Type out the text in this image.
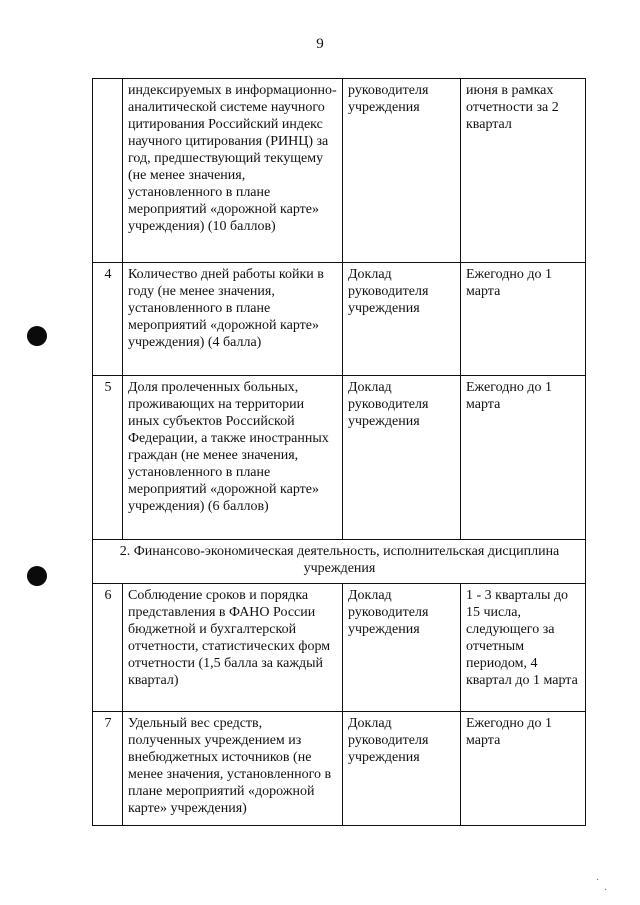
9
	индексируемых в информационно-аналитической системе научного цитирования Российский индекс научного цитирования (РИНЦ) за год, предшествующий текущему (не менее значения, установленного в плане мероприятий «дорожной карте» учреждения) (10 баллов)	руководителя учреждения	июня в рамках отчетности за 2 квартал
4	Количество дней работы койки в году (не менее значения, установленного в плане мероприятий «дорожной карте» учреждения) (4 балла)	Доклад руководителя учреждения	Ежегодно до 1 марта
5	Доля пролеченных больных, проживающих на территории иных субъектов Российской Федерации, а также иностранных граждан (не менее значения, установленного в плане мероприятий «дорожной карте» учреждения) (6 баллов)	Доклад руководителя учреждения	Ежегодно до 1 марта
2. Финансово-экономическая деятельность, исполнительская дисциплина учреждения			
6	Соблюдение сроков и порядка представления в ФАНО России бюджетной и бухгалтерской отчетности, статистических форм отчетности (1,5 балла за каждый квартал)	Доклад руководителя учреждения	1 - 3 кварталы до 15 числа, следующего за отчетным периодом, 4 квартал до 1 марта
7	Удельный вес средств, полученных учреждением из внебюджетных источников (не менее значения, установленного в плане мероприятий «дорожной карте» учреждения)	Доклад руководителя учреждения	Ежегодно до 1 марта
·
·
